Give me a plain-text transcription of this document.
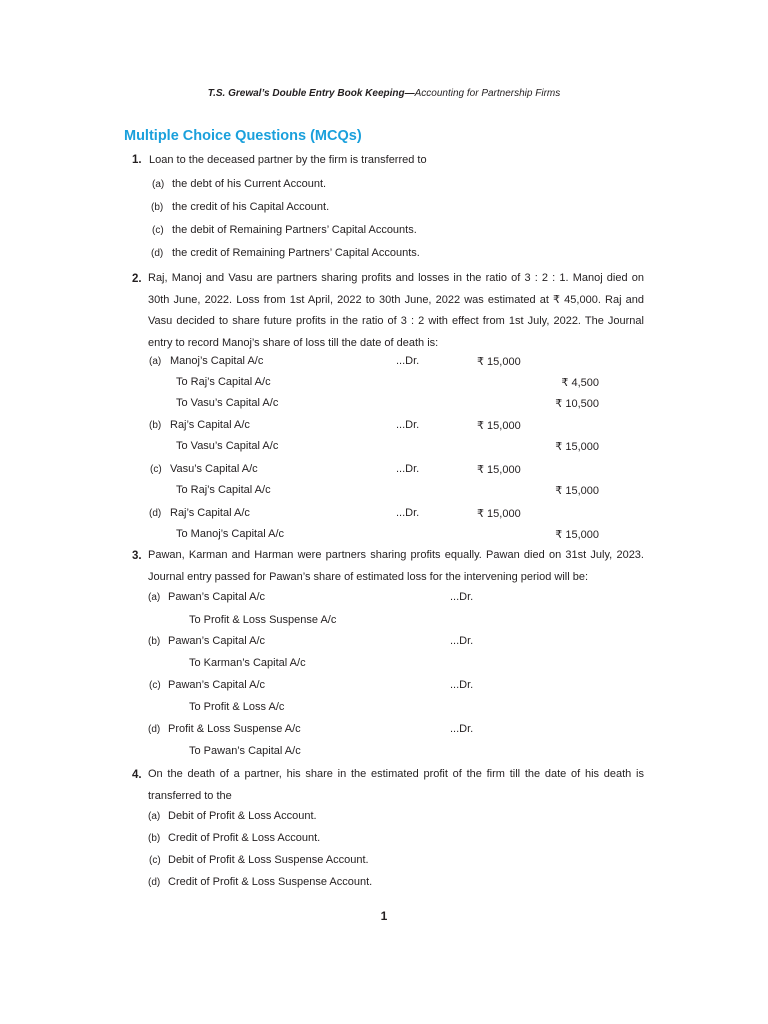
T.S. Grewal’s Double Entry Book Keeping—Accounting for Partnership Firms
Multiple Choice Questions (MCQs)
1. Loan to the deceased partner by the firm is transferred to
(a) the debt of his Current Account.
(b) the credit of his Capital Account.
(c) the debit of Remaining Partners’ Capital Accounts.
(d) the credit of Remaining Partners’ Capital Accounts.
2. Raj, Manoj and Vasu are partners sharing profits and losses in the ratio of 3 : 2 : 1. Manoj died on 30th June, 2022. Loss from 1st April, 2022 to 30th June, 2022 was estimated at ₹ 45,000. Raj and Vasu decided to share future profits in the ratio of 3 : 2 with effect from 1st July, 2022. The Journal entry to record Manoj’s share of loss till the date of death is:
(a) Manoj’s Capital A/c	...Dr.	₹ 15,000
To Raj’s Capital A/c	₹ 4,500
To Vasu’s Capital A/c	₹ 10,500
(b) Raj’s Capital A/c	...Dr.	₹ 15,000
To Vasu’s Capital A/c	₹ 15,000
(c) Vasu’s Capital A/c	...Dr.	₹ 15,000
To Raj’s Capital A/c	₹ 15,000
(d) Raj’s Capital A/c	...Dr.	₹ 15,000
To Manoj’s Capital A/c	₹ 15,000
3. Pawan, Karman and Harman were partners sharing profits equally. Pawan died on 31st July, 2023. Journal entry passed for Pawan’s share of estimated loss for the intervening period will be:
(a) Pawan’s Capital A/c	...Dr.
To Profit & Loss Suspense A/c
(b) Pawan’s Capital A/c	...Dr.
To Karman’s Capital A/c
(c) Pawan’s Capital A/c	...Dr.
To Profit & Loss A/c
(d) Profit & Loss Suspense A/c	...Dr.
To Pawan’s Capital A/c
4. On the death of a partner, his share in the estimated profit of the firm till the date of his death is transferred to the
(a) Debit of Profit & Loss Account.
(b) Credit of Profit & Loss Account.
(c) Debit of Profit & Loss Suspense Account.
(d) Credit of Profit & Loss Suspense Account.
1
